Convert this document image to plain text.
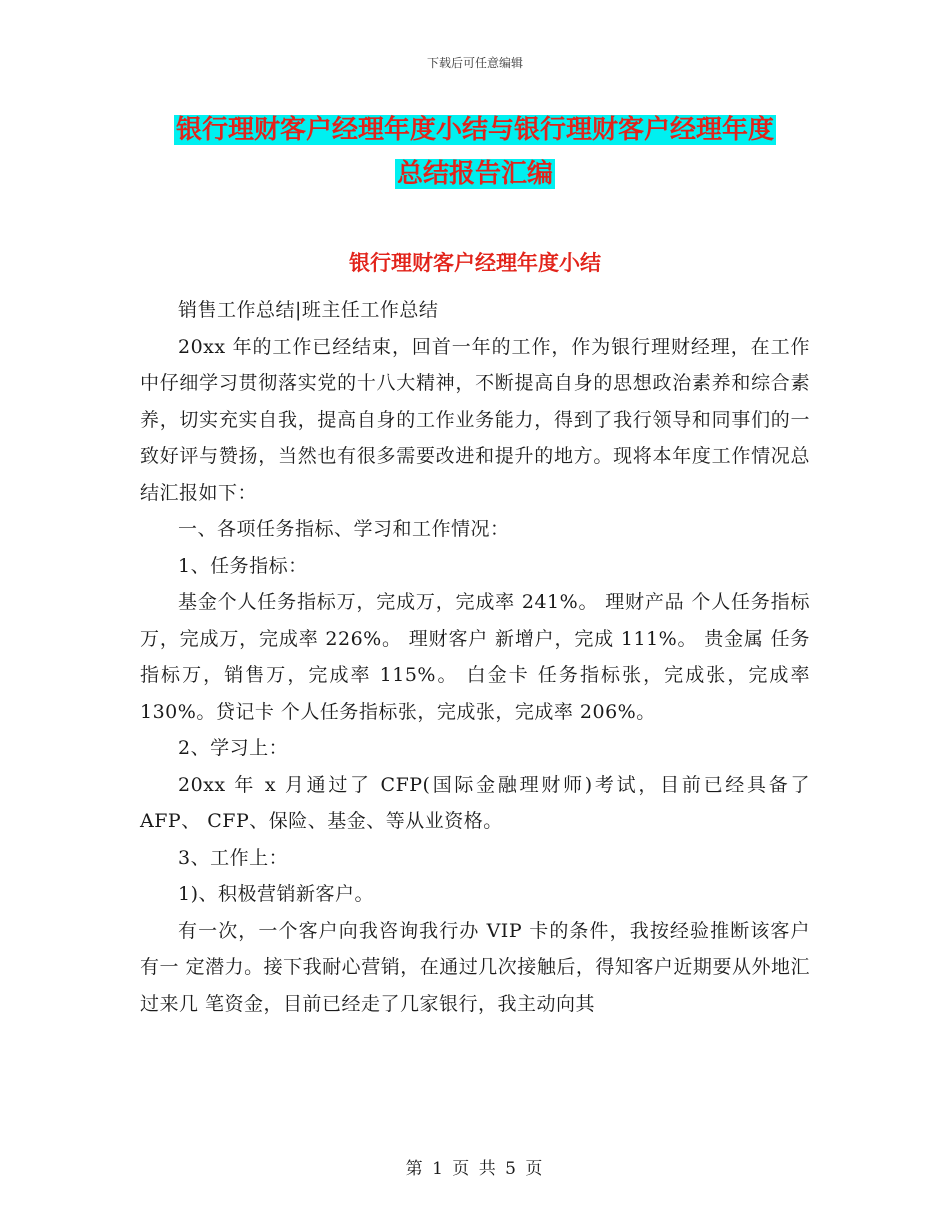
下载后可任意编辑
银行理财客户经理年度小结与银行理财客户经理年度
总结报告汇编
银行理财客户经理年度小结

销售工作总结|班主任工作总结

20xx 年的工作已经结束，回首一年的工作，作为银行理财经理，在工作中仔细学习贯彻落实党的十八大精神，不断提高自身的思想政治素养和综合素养，切实充实自我，提高自身的工作业务能力，得到了我行领导和同事们的一致好评与赞扬，当然也有很多需要改进和提升的地方。现将本年度工作情况总结汇报如下：

一、各项任务指标、学习和工作情况：

1、任务指标：

基金个人任务指标万，完成万，完成率 241%。 理财产品 个人任务指标万，完成万，完成率 226%。 理财客户 新增户，完成 111%。 贵金属 任务指标万，销售万，完成率 115%。 白金卡 任务指标张，完成张，完成率 130%。贷记卡 个人任务指标张，完成张，完成率 206%。

2、学习上：

20xx 年 x 月通过了 CFP(国际金融理财师)考试，目前已经具备了 AFP、 CFP、保险、基金、等从业资格。

3、工作上：

1)、积极营销新客户。

有一次，一个客户向我咨询我行办 VIP 卡的条件，我按经验推断该客户有一 定潜力。接下我耐心营销，在通过几次接触后，得知客户近期要从外地汇过来几 笔资金，目前已经走了几家银行，我主动向其

第 1 页 共 5 页
